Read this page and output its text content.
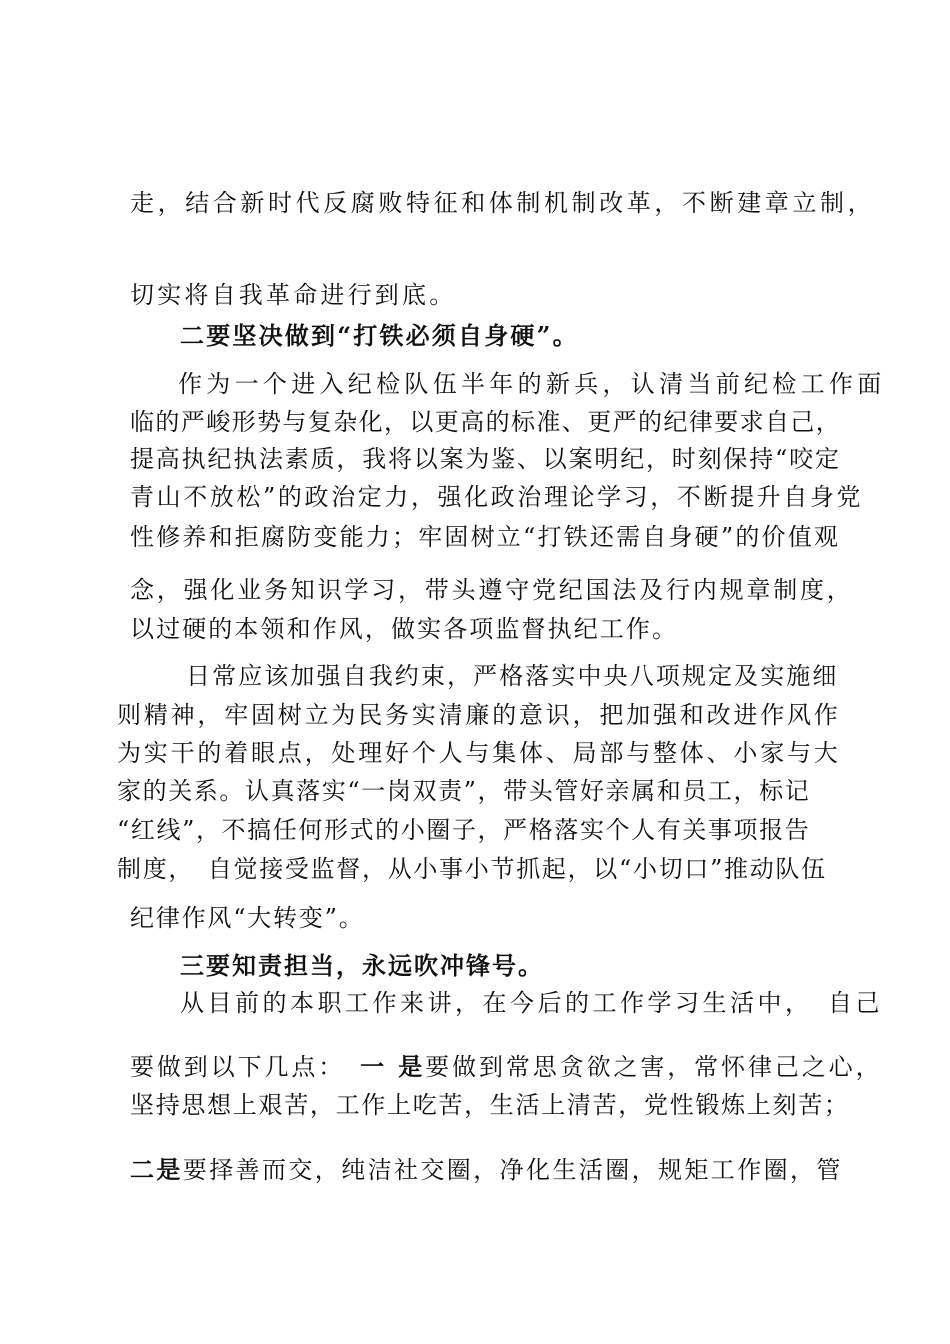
走，结合新时代反腐败特征和体制机制改革，不断建章立制，
切实将自我革命进行到底。
二要坚决做到“打铁必须自身硬”。
作为一个进入纪检队伍半年的新兵，认清当前纪检工作面
临的严峻形势与复杂化，以更高的标准、更严的纪律要求自己，
提高执纪执法素质，我将以案为鉴、以案明纪，时刻保持“咬定
青山不放松”的政治定力，强化政治理论学习，不断提升自身党
性修养和拒腐防变能力；牢固树立“打铁还需自身硬”的价值观
念，强化业务知识学习，带头遵守党纪国法及行内规章制度，
以过硬的本领和作风，做实各项监督执纪工作。
日常应该加强自我约束，严格落实中央八项规定及实施细
则精神，牢固树立为民务实清廉的意识，把加强和改进作风作
为实干的着眼点，处理好个人与集体、局部与整体、小家与大
家的关系。认真落实“一岗双责”，带头管好亲属和员工，标记
“红线”，不搞任何形式的小圈子，严格落实个人有关事项报告
制度，　自觉接受监督，从小事小节抓起，以“小切口”推动队伍
纪律作风“大转变”。
三要知责担当，永远吹冲锋号。
从目前的本职工作来讲，在今后的工作学习生活中，　自己
要做到以下几点：　一 是要做到常思贪欲之害，常怀律己之心，
坚持思想上艰苦，工作上吃苦，生活上清苦，党性锻炼上刻苦；
二是要择善而交，纯洁社交圈，净化生活圈，规矩工作圈，管
